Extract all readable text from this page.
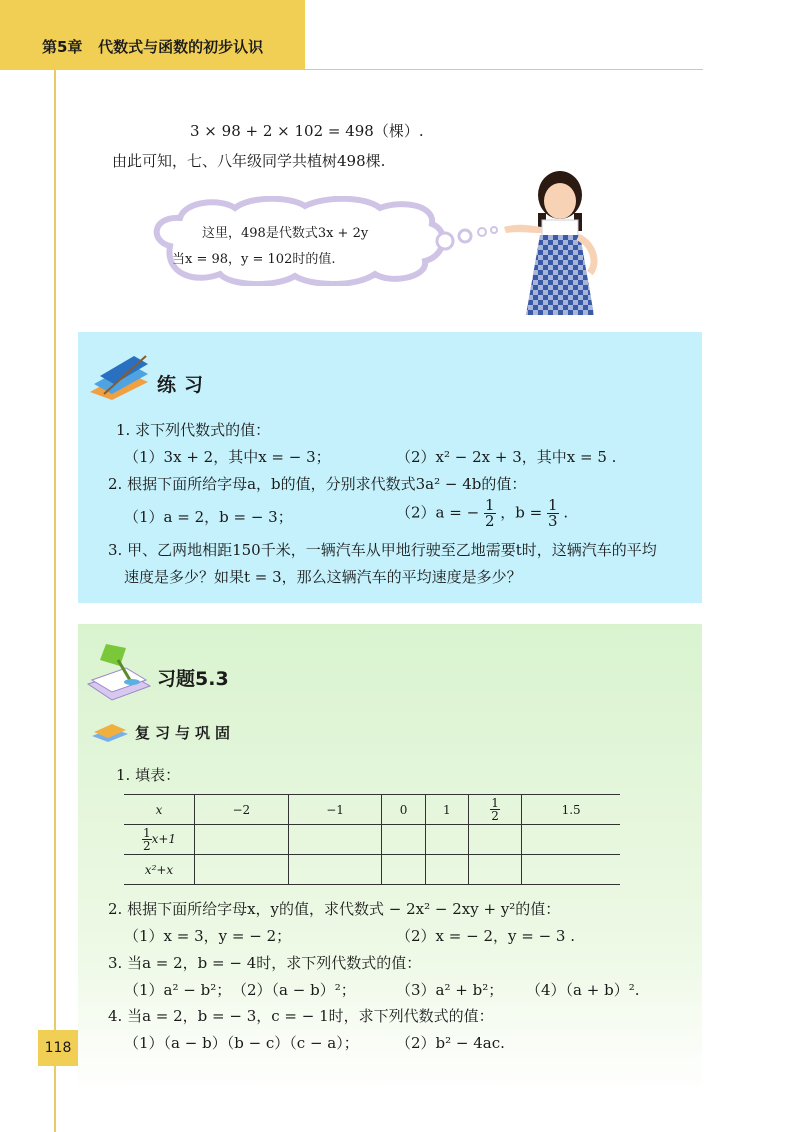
第5章 代数式与函数的初步认识
3 × 98 + 2 × 102 = 498（棵）.
由此可知，七、八年级同学共植树498棵.
这里，498是代数式3x + 2y
当x = 98，y = 102时的值.
练习
1. 求下列代数式的值：
（1）3x + 2，其中x = − 3；	（2）x² − 2x + 3，其中x = 5 .
2. 根据下面所给字母a，b的值，分别求代数式3a² − 4b的值：
（1）a = 2，b = − 3；	（2）a = − $\frac{1}{2}$ ，$b = \frac{1}{3}$ .
3. 甲、乙两地相距150千米，一辆汽车从甲地行驶至乙地需要t时，这辆汽车的平均
速度是多少？如果t = 3，那么这辆汽车的平均速度是多少？
习题5.3
复习与巩固
1. 填表：
x	−2	−1	0	1	$\frac{1}{2}$	1.5

$\frac{1}{2} x+1$						
x²+x						
2. 根据下面所给字母x，y的值，求代数式 − 2x² − 2xy + y²的值：
（1）x = 3，y = − 2；	（2）x = − 2，y = − 3 .
3. 当a = 2，b = − 4时，求下列代数式的值：
（1）a² − b²； （2）（a − b）²；	（3）a² + b²； （4）（a + b）².
4. 当a = 2，b = − 3，c = − 1时，求下列代数式的值：
（1）（a − b）（b − c）（c − a）； （2）b² − 4ac.
118
